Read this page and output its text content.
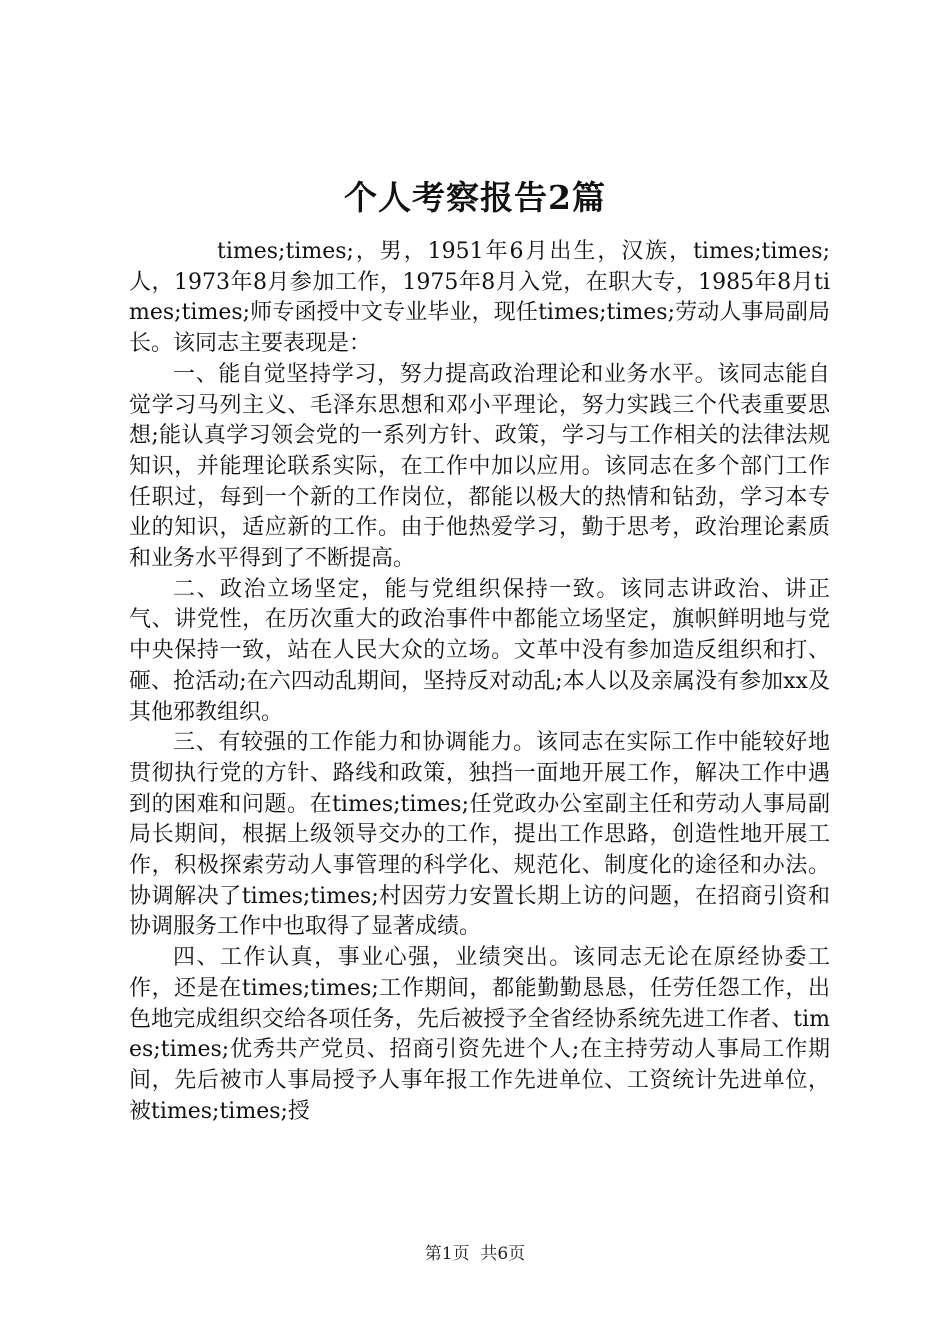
个人考察报告2篇

times;times;，男，1951年6月出生，汉族，times;times;人，1973年8月参加工作，1975年8月入党，在职大专，1985年8月times;times;师专函授中文专业毕业，现任times;times;劳动人事局副局长。该同志主要表现是：

一、能自觉坚持学习，努力提高政治理论和业务水平。该同志能自觉学习马列主义、毛泽东思想和邓小平理论，努力实践三个代表重要思想;能认真学习领会党的一系列方针、政策，学习与工作相关的法律法规知识，并能理论联系实际，在工作中加以应用。该同志在多个部门工作任职过，每到一个新的工作岗位，都能以极大的热情和钻劲，学习本专业的知识，适应新的工作。由于他热爱学习，勤于思考，政治理论素质和业务水平得到了不断提高。

二、政治立场坚定，能与党组织保持一致。该同志讲政治、讲正气、讲党性，在历次重大的政治事件中都能立场坚定，旗帜鲜明地与党中央保持一致，站在人民大众的立场。文革中没有参加造反组织和打、砸、抢活动;在六四动乱期间，坚持反对动乱;本人以及亲属没有参加xx及其他邪教组织。

三、有较强的工作能力和协调能力。该同志在实际工作中能较好地贯彻执行党的方针、路线和政策，独挡一面地开展工作，解决工作中遇到的困难和问题。在times;times;任党政办公室副主任和劳动人事局副局长期间，根据上级领导交办的工作，提出工作思路，创造性地开展工作，积极探索劳动人事管理的科学化、规范化、制度化的途径和办法。协调解决了times;times;村因劳力安置长期上访的问题，在招商引资和协调服务工作中也取得了显著成绩。

四、工作认真，事业心强，业绩突出。该同志无论在原经协委工作，还是在times;times;工作期间，都能勤勤恳恳，任劳任怨工作，出色地完成组织交给各项任务，先后被授予全省经协系统先进工作者、times;times;优秀共产党员、招商引资先进个人;在主持劳动人事局工作期间，先后被市人事局授予人事年报工作先进单位、工资统计先进单位，被times;times;授

第1页  共6页
